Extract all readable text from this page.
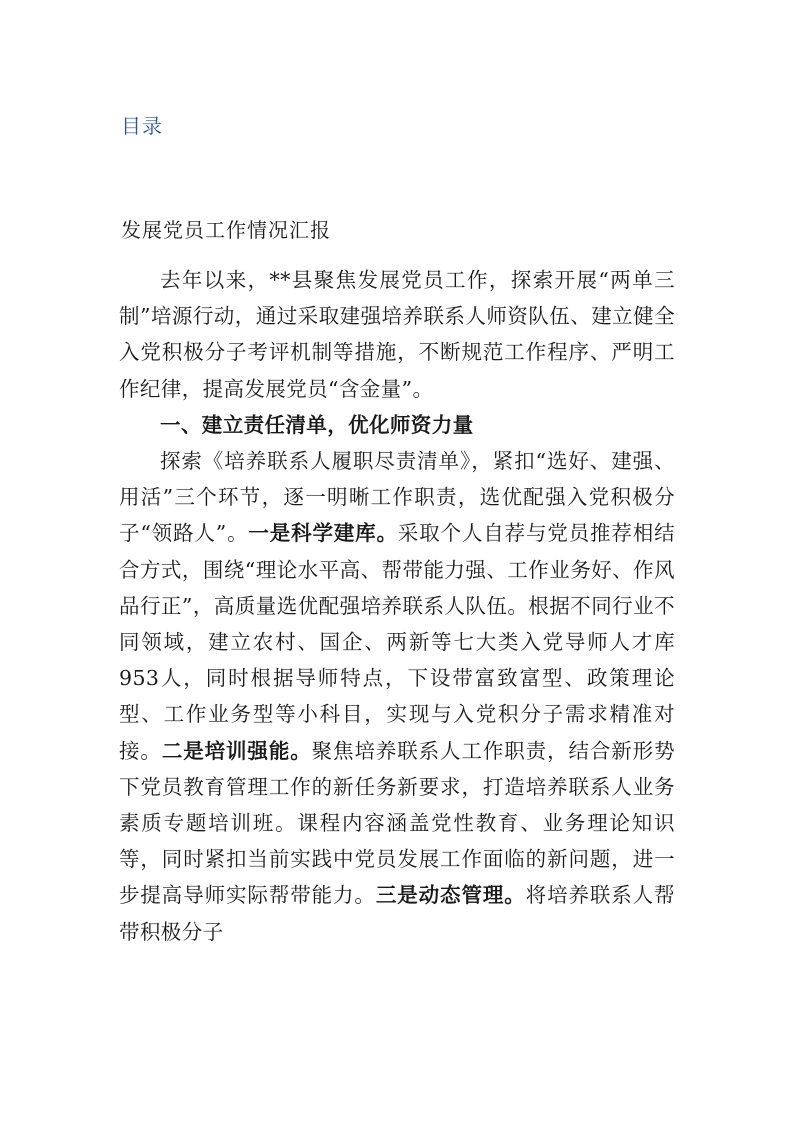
目录
发展党员工作情况汇报

去年以来，**县聚焦发展党员工作，探索开展“两单三制”培源行动，通过采取建强培养联系人师资队伍、建立健全入党积极分子考评机制等措施，不断规范工作程序、严明工作纪律，提高发展党员“含金量”。

一、建立责任清单，优化师资力量

探索《培养联系人履职尽责清单》，紧扣“选好、建强、用活”三个环节，逐一明晰工作职责，选优配强入党积极分子“领路人”。一是科学建库。采取个人自荐与党员推荐相结合方式，围绕“理论水平高、帮带能力强、工作业务好、作风品行正”，高质量选优配强培养联系人队伍。根据不同行业不同领域，建立农村、国企、两新等七大类入党导师人才库953人，同时根据导师特点，下设带富致富型、政策理论型、工作业务型等小科目，实现与入党积分子需求精准对接。二是培训强能。聚焦培养联系人工作职责，结合新形势下党员教育管理工作的新任务新要求，打造培养联系人业务素质专题培训班。课程内容涵盖党性教育、业务理论知识等，同时紧扣当前实践中党员发展工作面临的新问题，进一步提高导师实际帮带能力。三是动态管理。将培养联系人帮带积极分子
